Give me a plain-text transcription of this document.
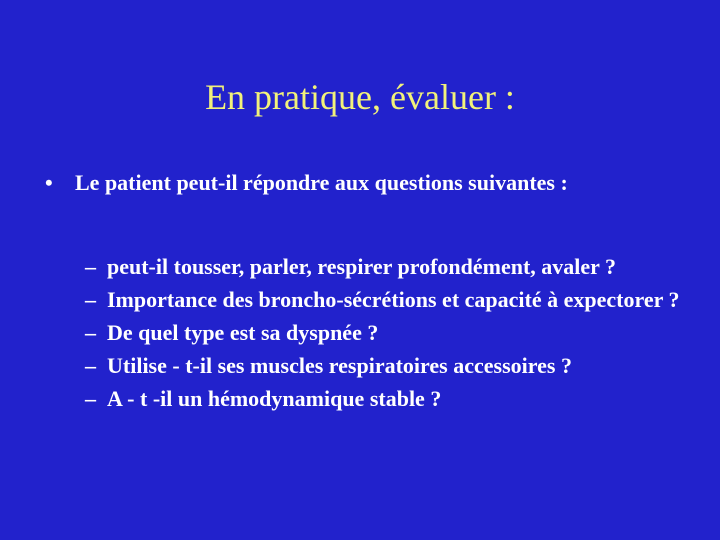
En pratique, évaluer :
• Le patient peut-il répondre aux questions suivantes :
– peut-il tousser, parler, respirer profondément, avaler ?
– Importance des broncho-sécrétions et capacité à expectorer ?
– De quel type est sa dyspnée ?
– Utilise - t-il ses muscles respiratoires accessoires ?
– A - t -il un hémodynamique stable ?
